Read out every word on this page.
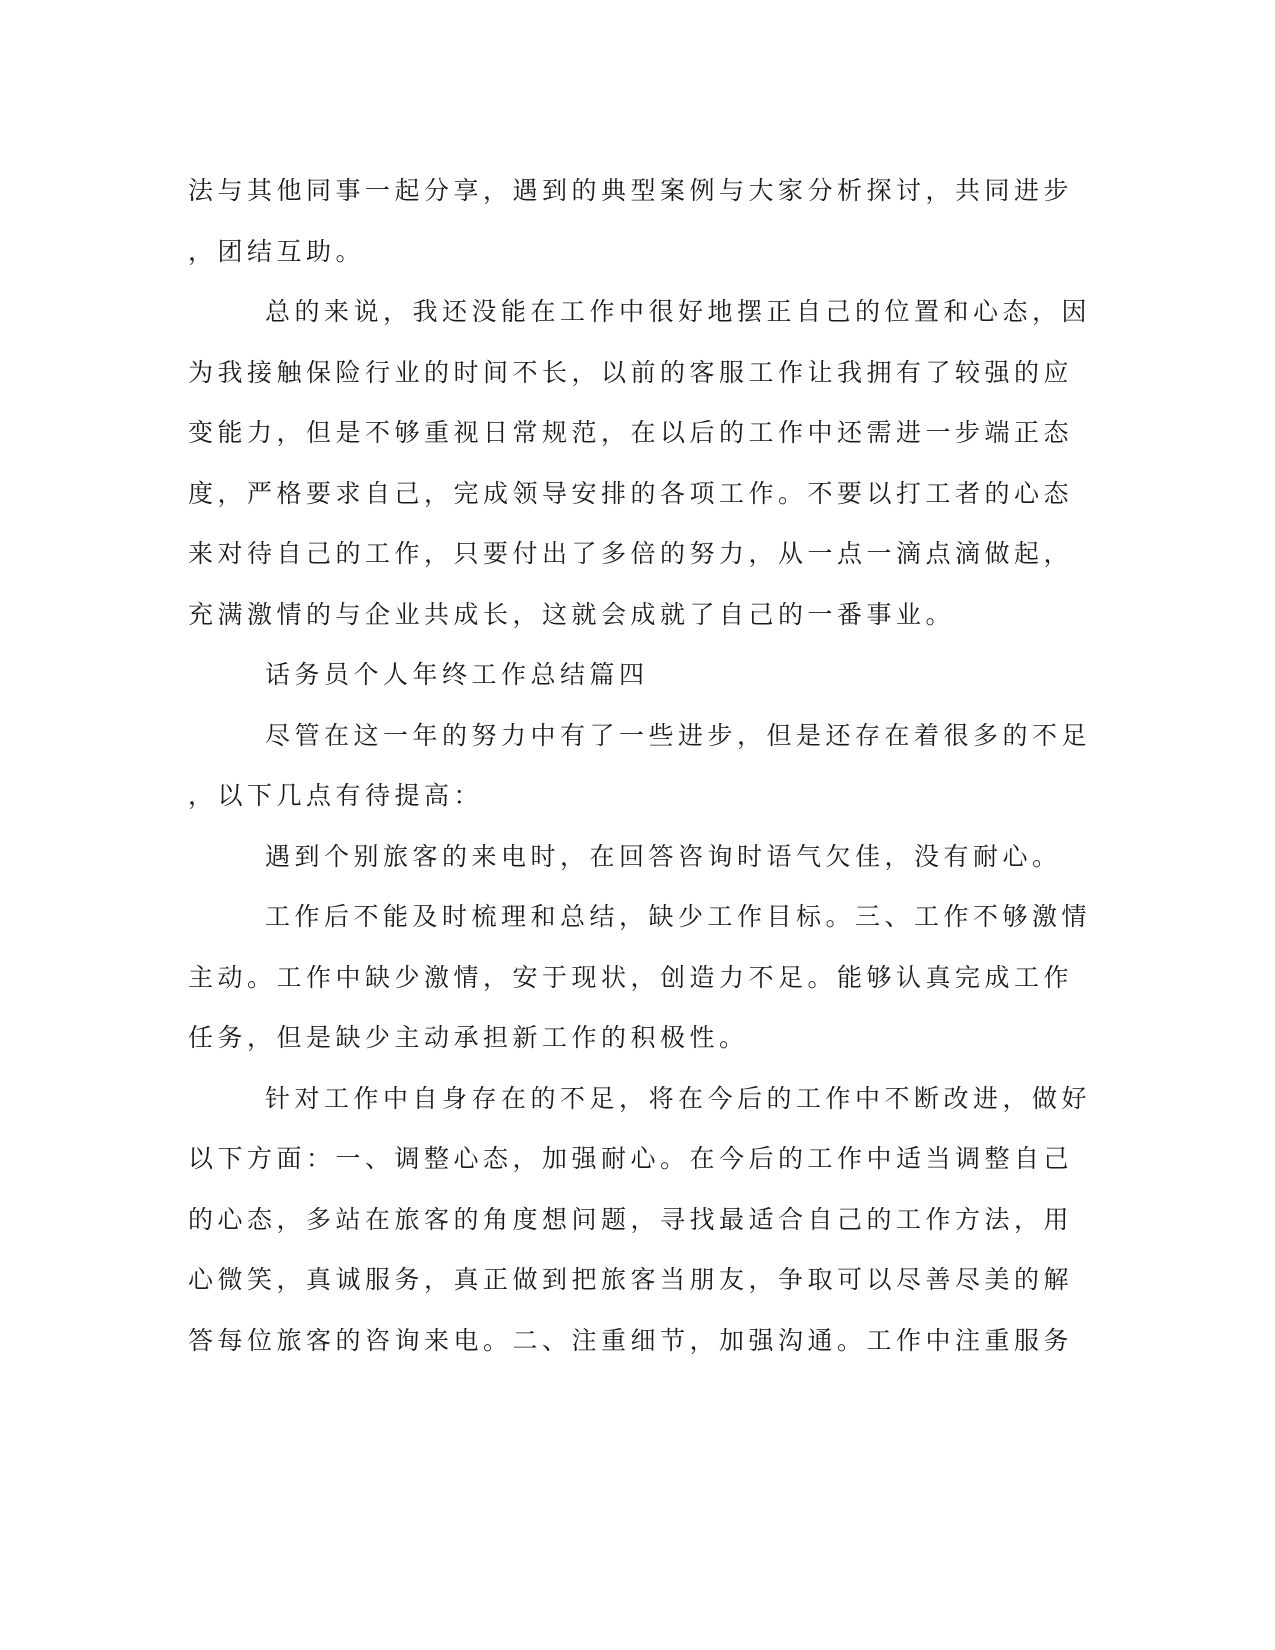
法与其他同事一起分享，遇到的典型案例与大家分析探讨，共同进步
，团结互助。
总的来说，我还没能在工作中很好地摆正自己的位置和心态，因
为我接触保险行业的时间不长，以前的客服工作让我拥有了较强的应
变能力，但是不够重视日常规范，在以后的工作中还需进一步端正态
度，严格要求自己，完成领导安排的各项工作。不要以打工者的心态
来对待自己的工作，只要付出了多倍的努力，从一点一滴点滴做起，
充满激情的与企业共成长，这就会成就了自己的一番事业。
话务员个人年终工作总结篇四
尽管在这一年的努力中有了一些进步，但是还存在着很多的不足
，以下几点有待提高：
遇到个别旅客的来电时，在回答咨询时语气欠佳，没有耐心。
工作后不能及时梳理和总结，缺少工作目标。三、工作不够激情
主动。工作中缺少激情，安于现状，创造力不足。能够认真完成工作
任务，但是缺少主动承担新工作的积极性。
针对工作中自身存在的不足，将在今后的工作中不断改进，做好
以下方面：一、调整心态，加强耐心。在今后的工作中适当调整自己
的心态，多站在旅客的角度想问题，寻找最适合自己的工作方法，用
心微笑，真诚服务，真正做到把旅客当朋友，争取可以尽善尽美的解
答每位旅客的咨询来电。二、注重细节，加强沟通。工作中注重服务
